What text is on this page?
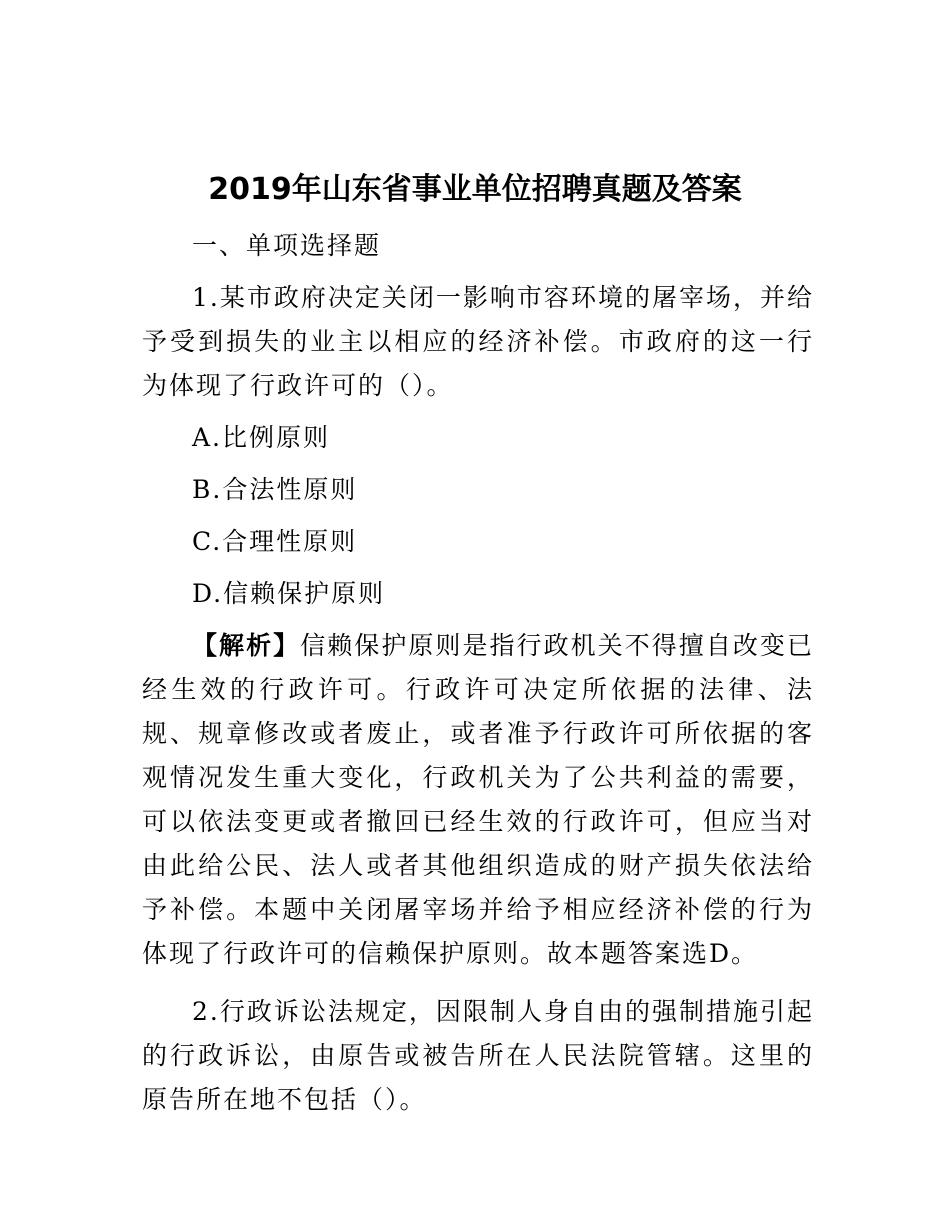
2019年山东省事业单位招聘真题及答案

一、单项选择题

1.某市政府决定关闭一影响市容环境的屠宰场，并给予受到损失的业主以相应的经济补偿。市政府的这一行为体现了行政许可的（）。

A.比例原则

B.合法性原则

C.合理性原则

D.信赖保护原则

【解析】信赖保护原则是指行政机关不得擅自改变已经生效的行政许可。行政许可决定所依据的法律、法规、规章修改或者废止，或者准予行政许可所依据的客观情况发生重大变化，行政机关为了公共利益的需要，可以依法变更或者撤回已经生效的行政许可，但应当对由此给公民、法人或者其他组织造成的财产损失依法给予补偿。本题中关闭屠宰场并给予相应经济补偿的行为体现了行政许可的信赖保护原则。故本题答案选D。

2.行政诉讼法规定，因限制人身自由的强制措施引起的行政诉讼，由原告或被告所在人民法院管辖。这里的原告所在地不包括（）。
